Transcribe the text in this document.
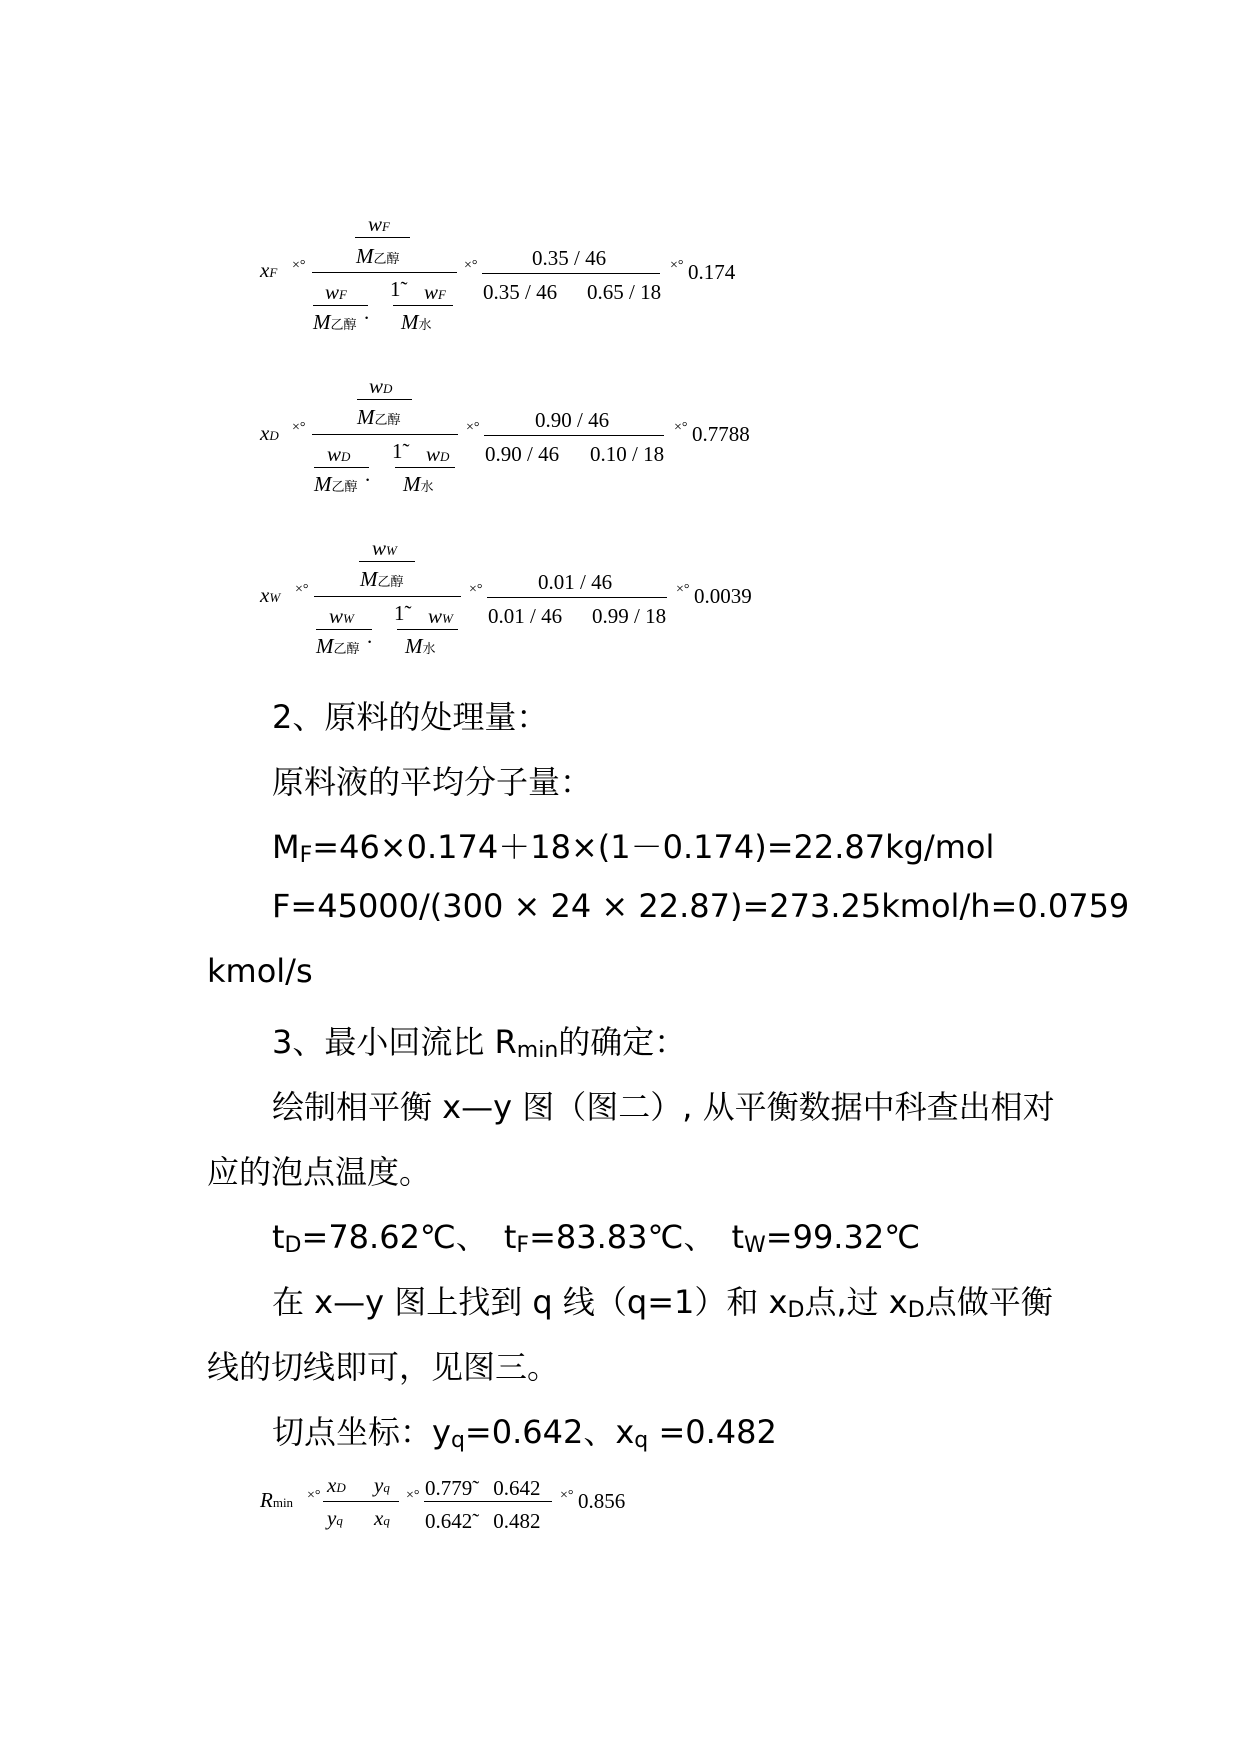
xF ×°
wF
M乙醇
wF
M乙醇
.
1̃ wF
M水
×°	0.35 / 46
0.35 / 46 0.65 / 18
×° 0.174
xD
×°
wD
M乙醇
wD
M乙醇
.
1̃ wD
M水
×°	0.90 / 46
0.90 / 46 0.10 / 18
×° 0.7788
xW
×°
wW
M乙醇
wW
M乙醇
.
1̃ wW
M水
×°	0.01 / 46
0.01 / 46 0.99 / 18
×° 0.0039
2、原料的处理量：
原料液的平均分子量：
$M_F=46\times 0.174+18\times(1-0.174)=22.87kg$/mol
F=45000/(300 × 24 × 22.87)=273.25kmol/h=0.0759
kmol/s
3、最小回流比 $R_{min}$的确定：
绘制相平衡 x—y 图（图二）, 从平衡数据中科查出相对
应的泡点温度。
$t_D=78.62℃$、　$t_F=83.83℃$、　$t_W=99.32℃$
在 x—y 图上找到 q 线（q=1）和 $x_D$点,过 $x_D$点做平衡
线的切线即可，见图三。
切点坐标：$y_q=0.642$、$x_q =0.482$
Rmin ×° xD yq
yq xq
×° 0.779̃　0.642
0.642̃　0.482
×° 0.856
